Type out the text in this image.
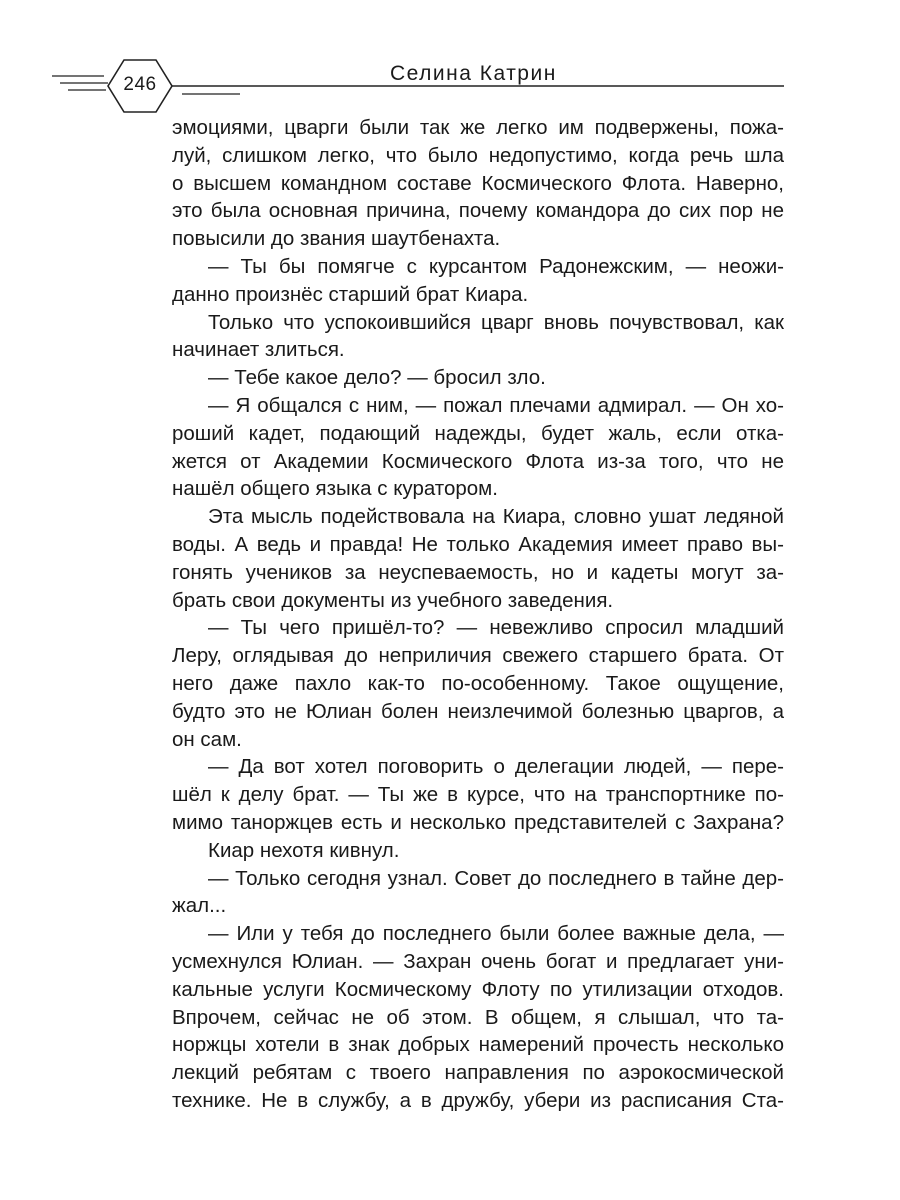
246	Селина Катрин
эмоциями, цварги были так же легко им подвержены, пожа-
луй, слишком легко, что было недопустимо, когда речь шла
о высшем командном составе Космического Флота. Наверно,
это была основная причина, почему командора до сих пор не
повысили до звания шаутбенахта.
— Ты бы помягче с курсантом Радонежским, — неожи-
данно произнёс старший брат Киара.
Только что успокоившийся цварг вновь почувствовал, как
начинает злиться.
— Тебе какое дело? — бросил зло.
— Я общался с ним, — пожал плечами адмирал. — Он хо-
роший кадет, подающий надежды, будет жаль, если отка-
жется от Академии Космического Флота из-за того, что не
нашёл общего языка с куратором.
Эта мысль подействовала на Киара, словно ушат ледяной
воды. А ведь и правда! Не только Академия имеет право вы-
гонять учеников за неуспеваемость, но и кадеты могут за-
брать свои документы из учебного заведения.
— Ты чего пришёл-то? — невежливо спросил младший
Леру, оглядывая до неприличия свежего старшего брата. От
него даже пахло как-то по-особенному. Такое ощущение,
будто это не Юлиан болен неизлечимой болезнью цваргов, а
он сам.
— Да вот хотел поговорить о делегации людей, — пере-
шёл к делу брат. — Ты же в курсе, что на транспортнике по-
мимо таноржцев есть и несколько представителей с Захрана?
Киар нехотя кивнул.
— Только сегодня узнал. Совет до последнего в тайне дер-
жал...
— Или у тебя до последнего были более важные дела, —
усмехнулся Юлиан. — Захран очень богат и предлагает уни-
кальные услуги Космическому Флоту по утилизации отходов.
Впрочем, сейчас не об этом. В общем, я слышал, что та-
норжцы хотели в знак добрых намерений прочесть несколько
лекций ребятам с твоего направления по аэрокосмической
технике. Не в службу, а в дружбу, убери из расписания Ста-
